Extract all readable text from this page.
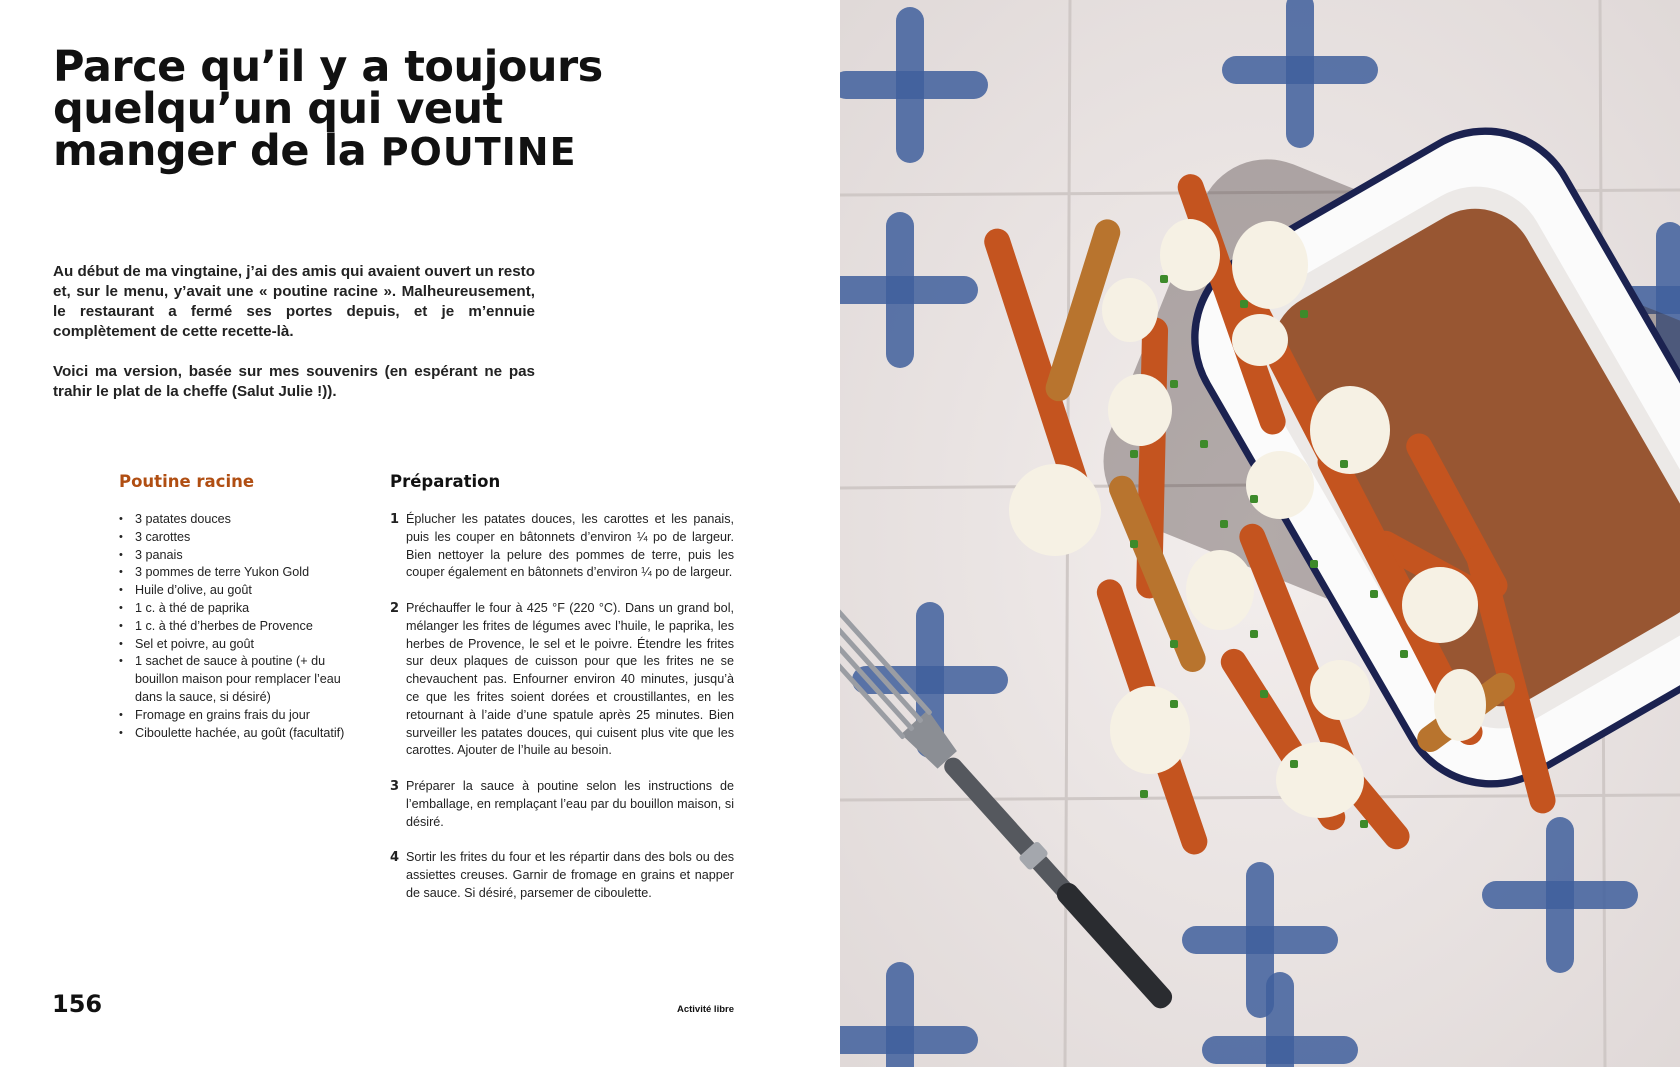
Parce qu’il y a toujours
quelqu’un qui veut
manger de la POUTINE

Au début de ma vingtaine, j’ai des amis qui avaient ouvert un resto et, sur le menu, y’avait une « poutine racine ». Malheureusement, le restaurant a fermé ses portes depuis, et je m’ennuie complètement de cette recette-là.

Voici ma version, basée sur mes souvenirs (en espérant ne pas trahir le plat de la cheffe (Salut Julie !)).

Poutine racine
• 3 patates douces
• 3 carottes
• 3 panais
• 3 pommes de terre Yukon Gold
• Huile d’olive, au goût
• 1 c. à thé de paprika
• 1 c. à thé d’herbes de Provence
• Sel et poivre, au goût
• 1 sachet de sauce à poutine (+ du bouillon maison pour remplacer l’eau dans la sauce, si désiré)
• Fromage en grains frais du jour
• Ciboulette hachée, au goût (facultatif)
Préparation
1 Éplucher les patates douces, les carottes et les panais, puis les couper en bâtonnets d’environ ¼ po de largeur. Bien nettoyer la pelure des pommes de terre, puis les couper également en bâtonnets d’environ ¼ po de largeur.
2 Préchauffer le four à 425 °F (220 °C). Dans un grand bol, mélanger les frites de légumes avec l’huile, le paprika, les herbes de Provence, le sel et le poivre. Étendre les frites sur deux plaques de cuisson pour que les frites ne se chevauchent pas. Enfourner environ 40 minutes, jusqu’à ce que les frites soient dorées et croustillantes, en les retournant à l’aide d’une spatule après 25 minutes. Bien surveiller les patates douces, qui cuisent plus vite que les carottes. Ajouter de l’huile au besoin.
3 Préparer la sauce à poutine selon les instructions de l’emballage, en remplaçant l’eau par du bouillon maison, si désiré.
4 Sortir les frites du four et les répartir dans des bols ou des assiettes creuses. Garnir de fromage en grains et napper de sauce. Si désiré, parsemer de ciboulette.
156	Activité libre
